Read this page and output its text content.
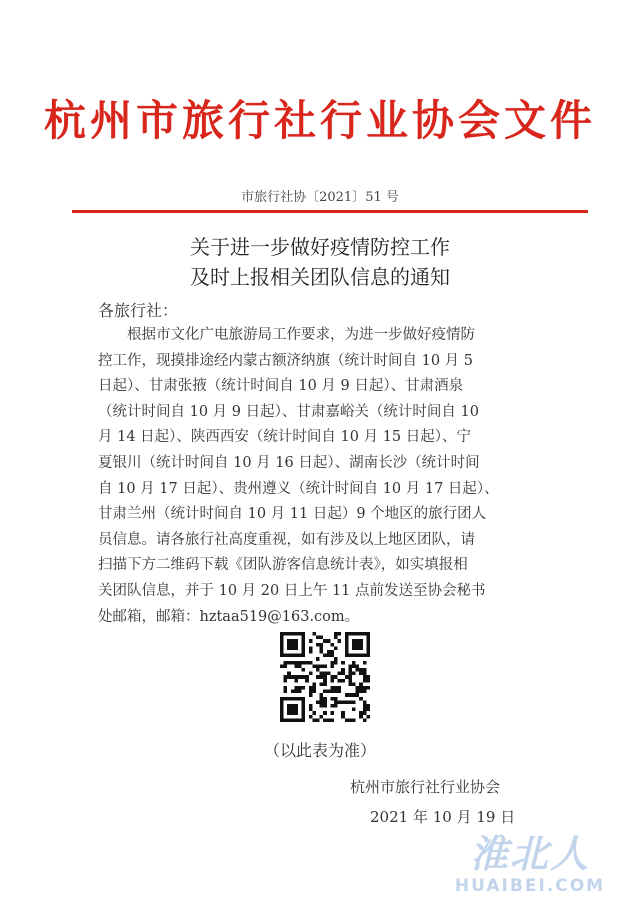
杭州市旅行社行业协会文件
市旅行社协〔2021〕51 号
关于进一步做好疫情防控工作
及时上报相关团队信息的通知
各旅行社：
　　根据市文化广电旅游局工作要求，为进一步做好疫情防
控工作，现摸排途经内蒙古额济纳旗（统计时间自 10 月 5
日起）、甘肃张掖（统计时间自 10 月 9 日起）、甘肃酒泉
（统计时间自 10 月 9 日起）、甘肃嘉峪关（统计时间自 10
月 14 日起）、陕西西安（统计时间自 10 月 15 日起）、宁
夏银川（统计时间自 10 月 16 日起）、湖南长沙（统计时间
自 10 月 17 日起）、贵州遵义（统计时间自 10 月 17 日起）、
甘肃兰州（统计时间自 10 月 11 日起）9 个地区的旅行团人
员信息。请各旅行社高度重视，如有涉及以上地区团队，请
扫描下方二维码下载《团队游客信息统计表》，如实填报相
关团队信息，并于 10 月 20 日上午 11 点前发送至协会秘书
处邮箱，邮箱：hztaa519@163.com。
（以此表为准）
杭州市旅行社行业协会
2021 年 10 月 19 日
淮北人
HUAIBEI.COM
